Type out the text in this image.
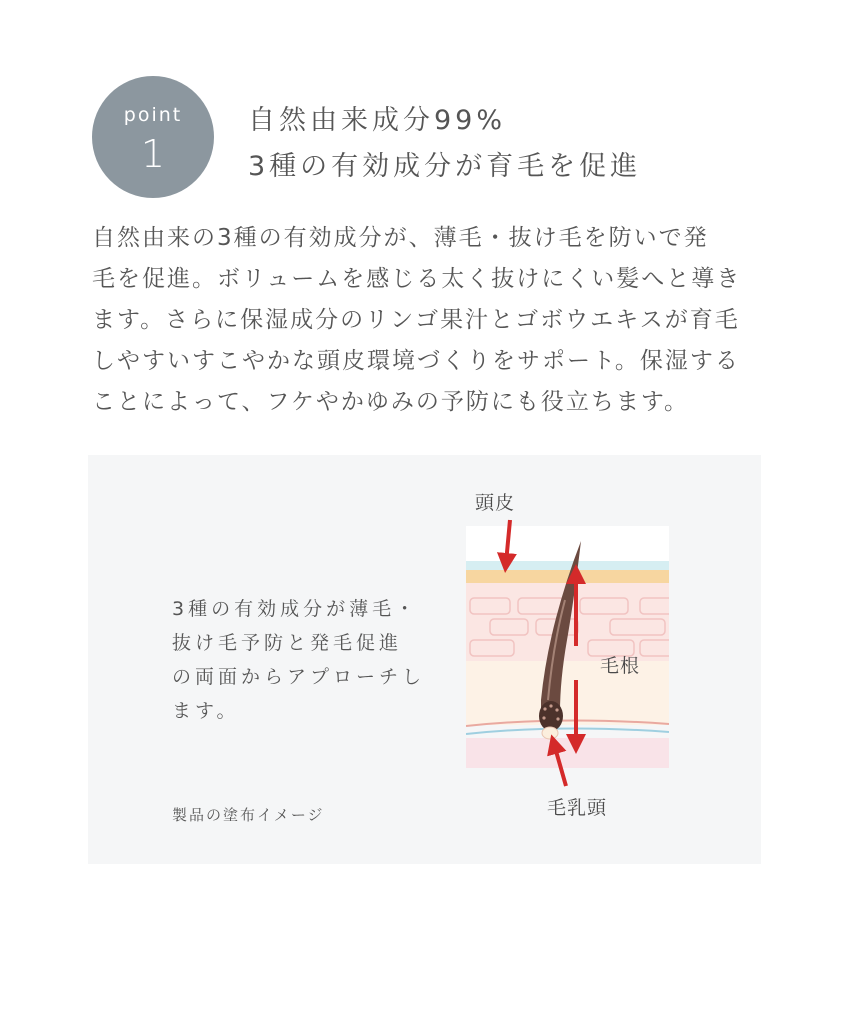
point
1
自然由来成分99%
3種の有効成分が育毛を促進
自然由来の3種の有効成分が、薄毛・抜け毛を防いで発
毛を促進。ボリュームを感じる太く抜けにくい髪へと導き
ます。さらに保湿成分のリンゴ果汁とゴボウエキスが育毛
しやすいすこやかな頭皮環境づくりをサポート。保湿する
ことによって、フケやかゆみの予防にも役立ちます。
3種の有効成分が薄毛・
抜け毛予防と発毛促進
の両面からアプローチし
ます。
製品の塗布イメージ
頭皮
毛根
毛乳頭
